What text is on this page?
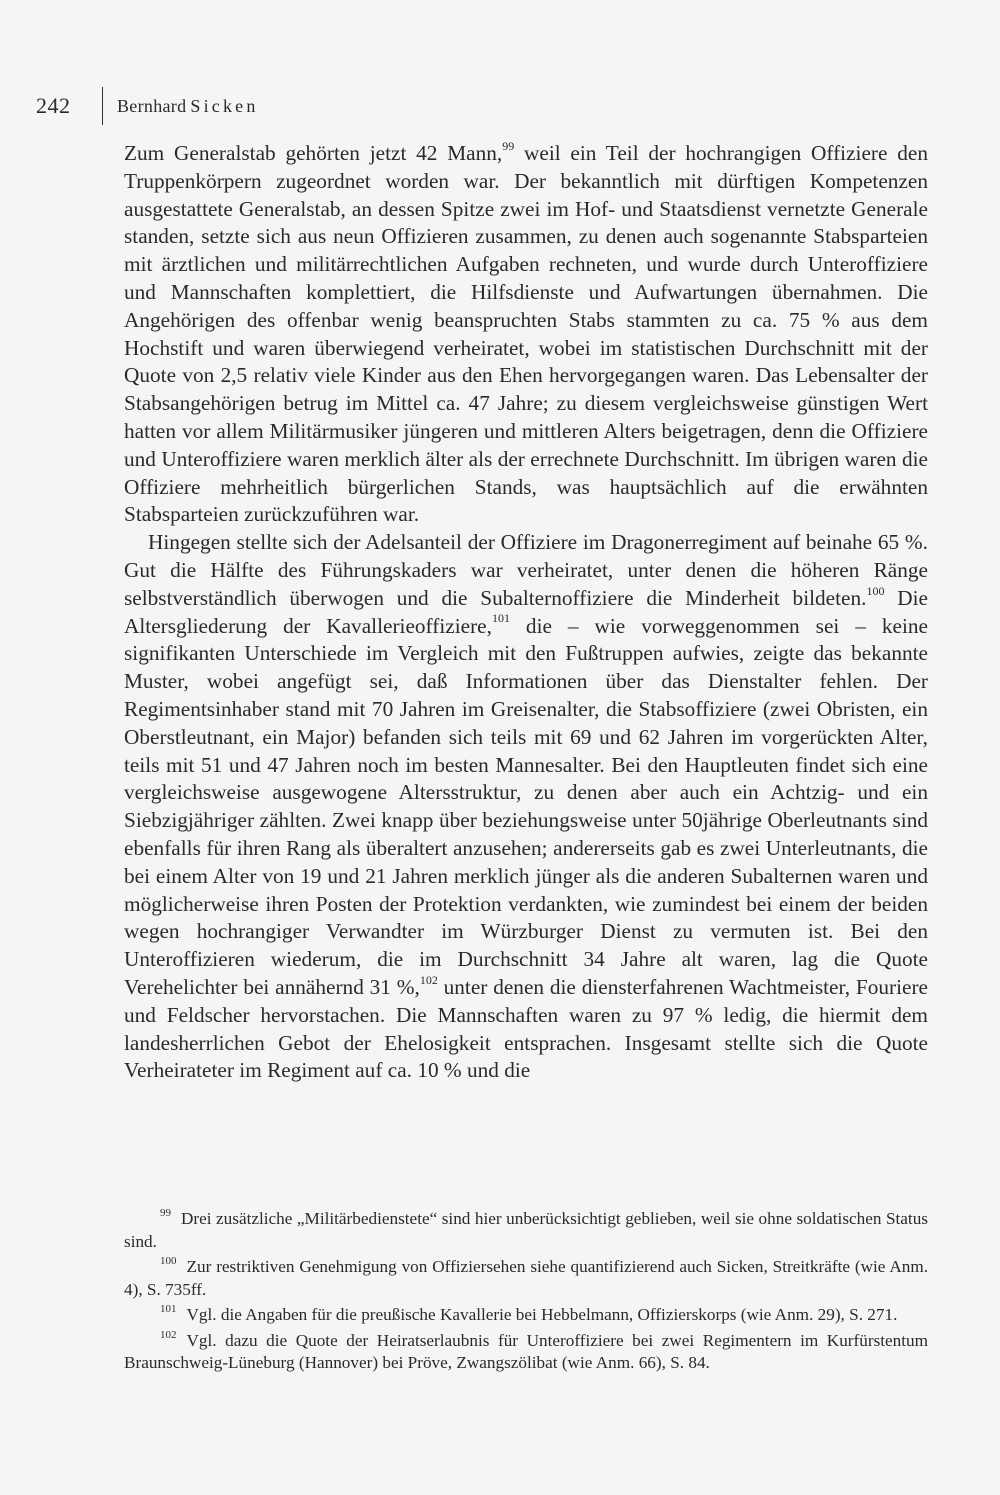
242	Bernhard Sicken

Zum Generalstab gehörten jetzt 42 Mann,$^{99}$ weil ein Teil der hochrangigen Offiziere den Truppenkörpern zugeordnet worden war. Der bekanntlich mit dürftigen Kompetenzen ausgestattete Generalstab, an dessen Spitze zwei im Hof- und Staatsdienst vernetzte Generale standen, setzte sich aus neun Offizieren zusammen, zu denen auch sogenannte Stabsparteien mit ärztlichen und militärrechtlichen Aufgaben rechneten, und wurde durch Unteroffiziere und Mannschaften komplettiert, die Hilfsdienste und Aufwartungen übernahmen. Die Angehörigen des offenbar wenig beanspruchten Stabs stammten zu ca. 75 % aus dem Hochstift und waren überwiegend verheiratet, wobei im statistischen Durchschnitt mit der Quote von 2,5 relativ viele Kinder aus den Ehen hervorgegangen waren. Das Lebensalter der Stabsangehörigen betrug im Mittel ca. 47 Jahre; zu diesem vergleichsweise günstigen Wert hatten vor allem Militärmusiker jüngeren und mittleren Alters beigetragen, denn die Offiziere und Unteroffiziere waren merklich älter als der errechnete Durchschnitt. Im übrigen waren die Offiziere mehrheitlich bürgerlichen Stands, was hauptsächlich auf die erwähnten Stabsparteien zurückzuführen war.

Hingegen stellte sich der Adelsanteil der Offiziere im Dragonerregiment auf beinahe 65 %. Gut die Hälfte des Führungskaders war verheiratet, unter denen die höheren Ränge selbstverständlich überwogen und die Subalternoffiziere die Minderheit bildeten.$^{100}$ Die Altersgliederung der Kavallerieoffiziere,$^{101}$ die – wie vorweggenommen sei – keine signifikanten Unterschiede im Vergleich mit den Fußtruppen aufwies, zeigte das bekannte Muster, wobei angefügt sei, daß Informationen über das Dienstalter fehlen. Der Regimentsinhaber stand mit 70 Jahren im Greisenalter, die Stabsoffiziere (zwei Obristen, ein Oberstleutnant, ein Major) befanden sich teils mit 69 und 62 Jahren im vorgerückten Alter, teils mit 51 und 47 Jahren noch im besten Mannesalter. Bei den Hauptleuten findet sich eine vergleichsweise ausgewogene Altersstruktur, zu denen aber auch ein Achtzig- und ein Siebzigjähriger zählten. Zwei knapp über beziehungsweise unter 50jährige Oberleutnants sind ebenfalls für ihren Rang als überaltert anzusehen; andererseits gab es zwei Unterleutnants, die bei einem Alter von 19 und 21 Jahren merklich jünger als die anderen Subalternen waren und möglicherweise ihren Posten der Protektion verdankten, wie zumindest bei einem der beiden wegen hochrangiger Verwandter im Würzburger Dienst zu vermuten ist. Bei den Unteroffizieren wiederum, die im Durchschnitt 34 Jahre alt waren, lag die Quote Verehelichter bei annähernd 31 %,$^{102}$ unter denen die diensterfahrenen Wachtmeister, Fouriere und Feldscher hervorstachen. Die Mannschaften waren zu 97 % ledig, die hiermit dem landesherrlichen Gebot der Ehelosigkeit entsprachen. Insgesamt stellte sich die Quote Verheirateter im Regiment auf ca. 10 % und die

$^{99}$ Drei zusätzliche „Militärbedienstete“ sind hier unberücksichtigt geblieben, weil sie ohne soldatischen Status sind.

$^{100}$ Zur restriktiven Genehmigung von Offiziersehen siehe quantifizierend auch Sicken, Streitkräfte (wie Anm. 4), S. 735ff.

$^{101}$ Vgl. die Angaben für die preußische Kavallerie bei Hebbelmann, Offizierskorps (wie Anm. 29), S. 271.

$^{102}$ Vgl. dazu die Quote der Heiratserlaubnis für Unteroffiziere bei zwei Regimentern im Kurfürstentum Braunschweig-Lüneburg (Hannover) bei Pröve, Zwangszölibat (wie Anm. 66), S. 84.
